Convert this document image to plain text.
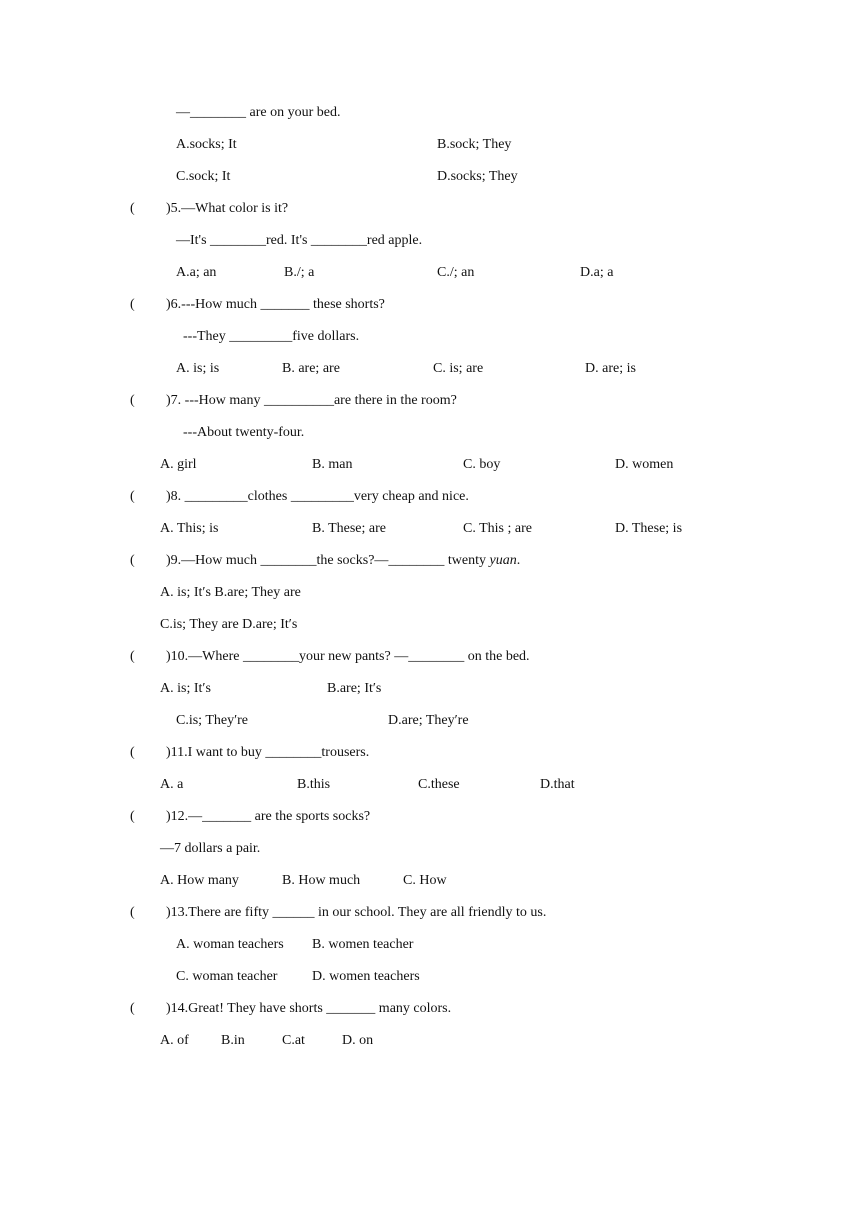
—________ are on your bed.
A.socks; It	B.sock; They
C.sock; It	D.socks; They
( )5.—What color is it?
—It's ________red. It's ________red apple.
A.a; an	B./; a	C./; an	D.a; a
( )6.---How much _______ these shorts?
---They _________five dollars.
A. is; is	B. are; are	C. is; are	D. are; is
( )7. ---How many __________are there in the room?
---About twenty-four.
A. girl	B. man	C. boy	D. women
( )8. _________clothes _________very cheap and nice.
A. This; is	B. These; are	C. This ; are	D. These; is
( )9.—How much ________the socks?—________ twenty yuan.
A. is; It′s B.are; They are
C.is; They are D.are; It′s
( )10.—Where ________your new pants? —________ on the bed.
A. is; It′s	B.are; It′s
C.is; They′re	D.are; They′re
( )11.I want to buy ________trousers.
A. a	B.this	C.these	D.that
( )12.—_______ are the sports socks?
—7 dollars a pair.
A. How many	B. How much	C. How
( )13.There are fifty ______ in our school. They are all friendly to us.
A. woman teachers B. women teacher
C. woman teacher D. women teachers
( )14.Great! They have shorts _______ many colors.
A. of B.in	C.at	D. on
